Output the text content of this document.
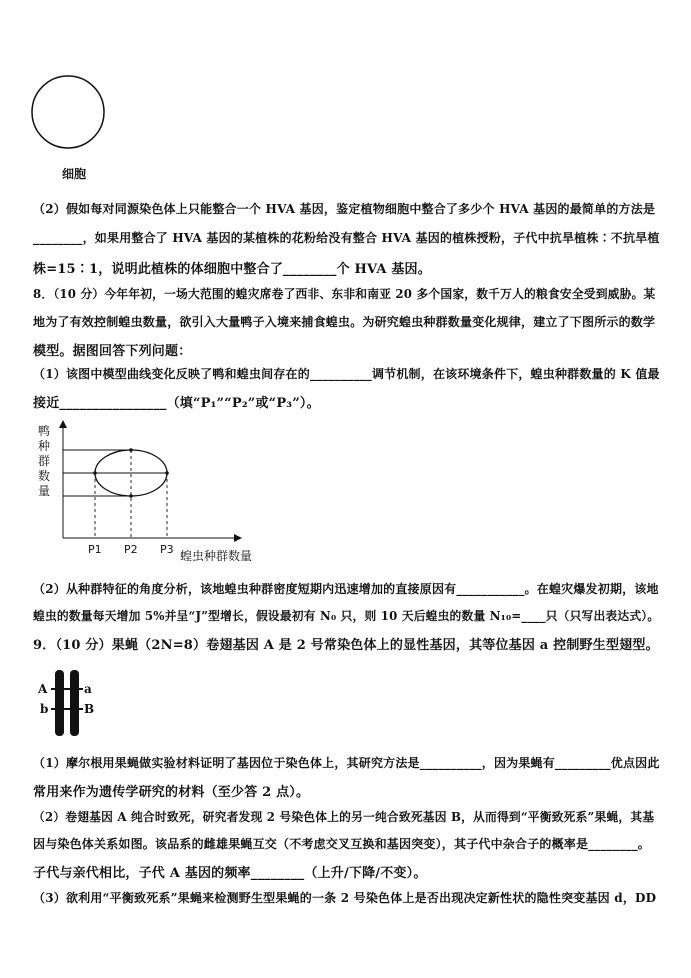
细胞
（2）假如每对同源染色体上只能整合一个 HVA 基因，鉴定植物细胞中整合了多少个 HVA 基因的最简单的方法是
________，如果用整合了 HVA 基因的某植株的花粉给没有整合 HVA 基因的植株授粉，子代中抗旱植株∶不抗旱植
株=15∶1，说明此植株的体细胞中整合了________个 HVA 基因。
8．（10 分）今年年初，一场大范围的蝗灾席卷了西非、东非和南亚 20 多个国家，数千万人的粮食安全受到威胁。某
地为了有效控制蝗虫数量，欲引入大量鸭子入境来捕食蝗虫。为研究蝗虫种群数量变化规律，建立了下图所示的数学
模型。据图回答下列问题：
（1）该图中模型曲线变化反映了鸭和蝗虫间存在的__________调节机制，在该环境条件下，蝗虫种群数量的 K 值最
接近________________（填“P₁”“P₂”或“P₃”）。
鸭
种
群
数
量
P1 P2 P3 蝗虫种群数量
（2）从种群特征的角度分析，该地蝗虫种群密度短期内迅速增加的直接原因有___________。在蝗灾爆发初期，该地
蝗虫的数量每天增加 5%并呈“J”型增长，假设最初有 N₀ 只，则 10 天后蝗虫的数量 N₁₀=____只（只写出表达式）。
9．（10 分）果蝇（2N=8）卷翅基因 A 是 2 号常染色体上的显性基因，其等位基因 a 控制野生型翅型。
A
b
a
B
（1）摩尔根用果蝇做实验材料证明了基因位于染色体上，其研究方法是__________，因为果蝇有_________优点因此
常用来作为遗传学研究的材料（至少答 2 点）。
（2）卷翅基因 A 纯合时致死，研究者发现 2 号染色体上的另一纯合致死基因 B，从而得到“平衡致死系”果蝇，其基
因与染色体关系如图。该品系的雌雄果蝇互交（不考虑交叉互换和基因突变），其子代中杂合子的概率是________。
子代与亲代相比，子代 A 基因的频率________（上升/下降/不变）。
（3）欲利用“平衡致死系”果蝇来检测野生型果蝇的一条 2 号染色体上是否出现决定新性状的隐性突变基因 d，DD
